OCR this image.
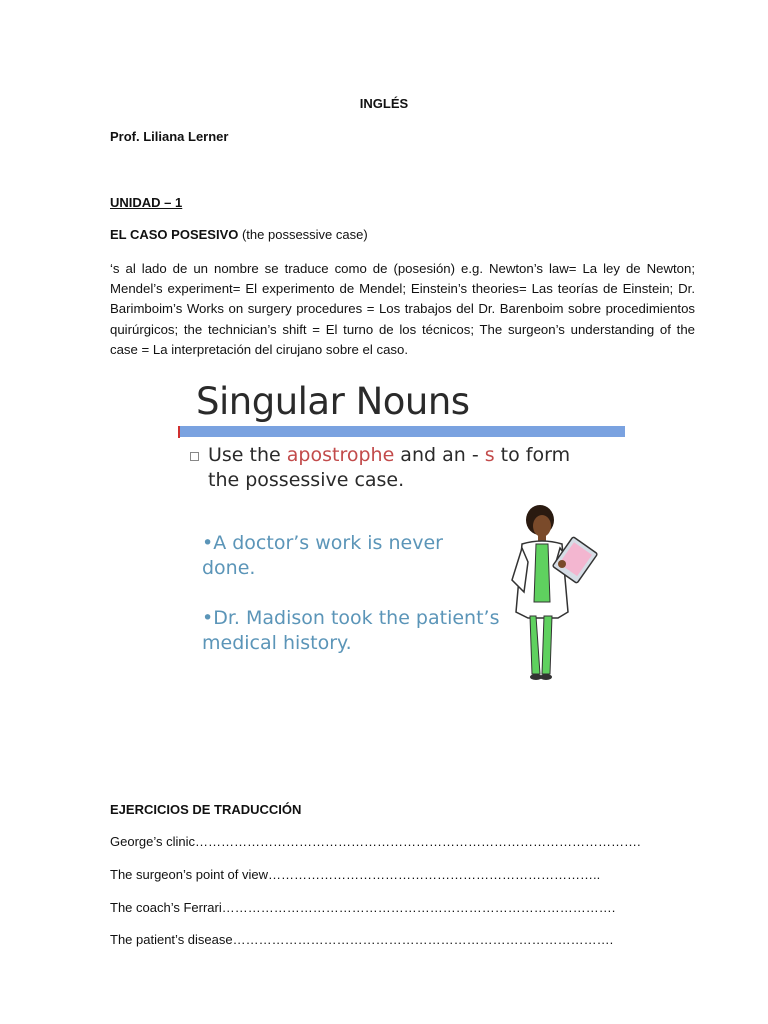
INGLÉS
Prof. Liliana Lerner
UNIDAD – 1
EL CASO POSESIVO (the possessive case)
‘s al lado de un nombre se traduce como de (posesión) e.g. Newton’s law= La ley de Newton; Mendel’s experiment= El experimento de Mendel; Einstein’s theories= Las teorías de Einstein; Dr. Barimboim’s Works on surgery procedures = Los trabajos del Dr. Barenboim sobre procedimientos quirúrgicos; the technician’s shift = El turno de los técnicos; The surgeon’s understanding of the case = La interpretación del cirujano sobre el caso.
Singular Nouns
Use the apostrophe and an - s to form
the possessive case.
•A doctor’s work is never done.
•Dr. Madison took the patient’s medical history.
EJERCICIOS DE TRADUCCIÓN
George’s clinic………………………………………………………………………………………….
The surgeon’s point of view…………………………………………………………………..
The coach’s Ferrari……………………………………………………………………………….
The patient’s disease…………………………………………………………………………….
